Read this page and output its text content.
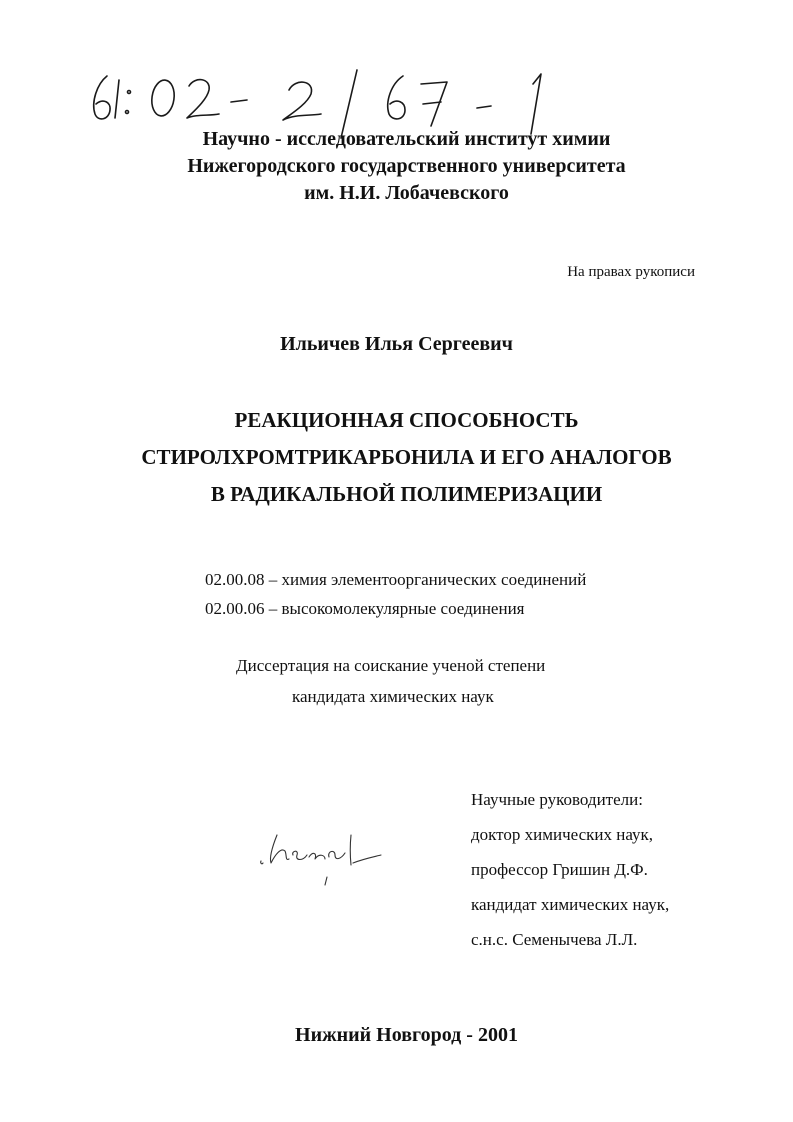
Научно - исследовательский институт химии
Нижегородского государственного университета
им. Н.И. Лобачевского
На правах рукописи
Ильичев Илья Сергеевич
РЕАКЦИОННАЯ СПОСОБНОСТЬ
СТИРОЛХРОМТРИКАРБОНИЛА И ЕГО АНАЛОГОВ
В РАДИКАЛЬНОЙ ПОЛИМЕРИЗАЦИИ
02.00.08 – химия элементоорганических соединений
02.00.06 – высокомолекулярные соединения
Диссертация на соискание ученой степени
кандидата химических наук
Научные руководители:
доктор химических наук,
профессор Гришин Д.Ф.
кандидат химических наук,
с.н.с. Семенычева Л.Л.
Нижний Новгород - 2001
